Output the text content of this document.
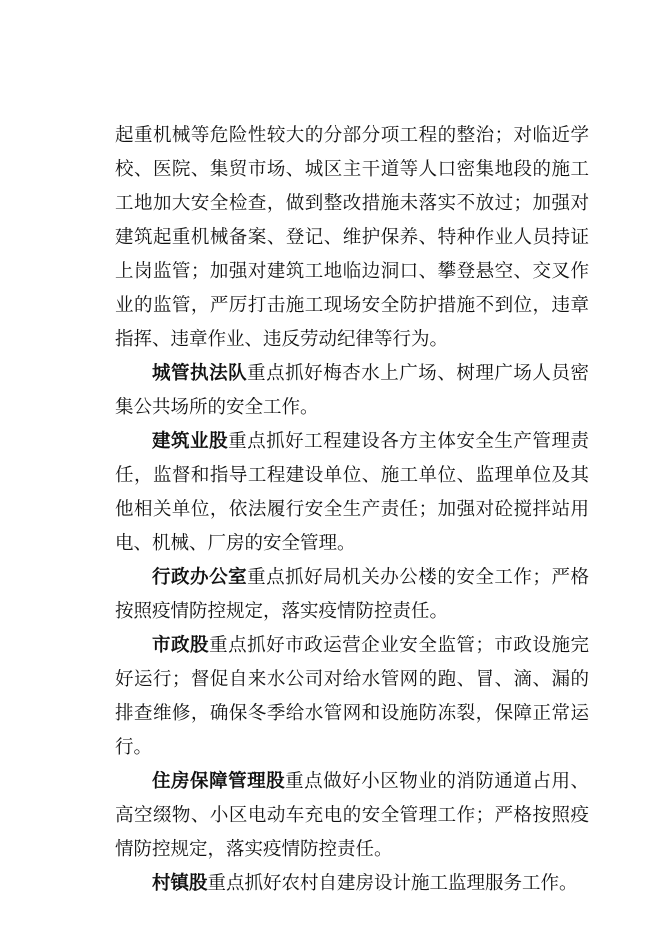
起重机械等危险性较大的分部分项工程的整治；对临近学校、医院、集贸市场、城区主干道等人口密集地段的施工工地加大安全检查，做到整改措施未落实不放过；加强对建筑起重机械备案、登记、维护保养、特种作业人员持证上岗监管；加强对建筑工地临边洞口、攀登悬空、交叉作业的监管，严厉打击施工现场安全防护措施不到位，违章指挥、违章作业、违反劳动纪律等行为。

城管执法队重点抓好梅杏水上广场、树理广场人员密集公共场所的安全工作。

建筑业股重点抓好工程建设各方主体安全生产管理责任，监督和指导工程建设单位、施工单位、监理单位及其他相关单位，依法履行安全生产责任；加强对砼搅拌站用电、机械、厂房的安全管理。

行政办公室重点抓好局机关办公楼的安全工作；严格按照疫情防控规定，落实疫情防控责任。

市政股重点抓好市政运营企业安全监管；市政设施完好运行；督促自来水公司对给水管网的跑、冒、滴、漏的排查维修，确保冬季给水管网和设施防冻裂，保障正常运行。

住房保障管理股重点做好小区物业的消防通道占用、高空缀物、小区电动车充电的安全管理工作；严格按照疫情防控规定，落实疫情防控责任。

村镇股重点抓好农村自建房设计施工监理服务工作。
